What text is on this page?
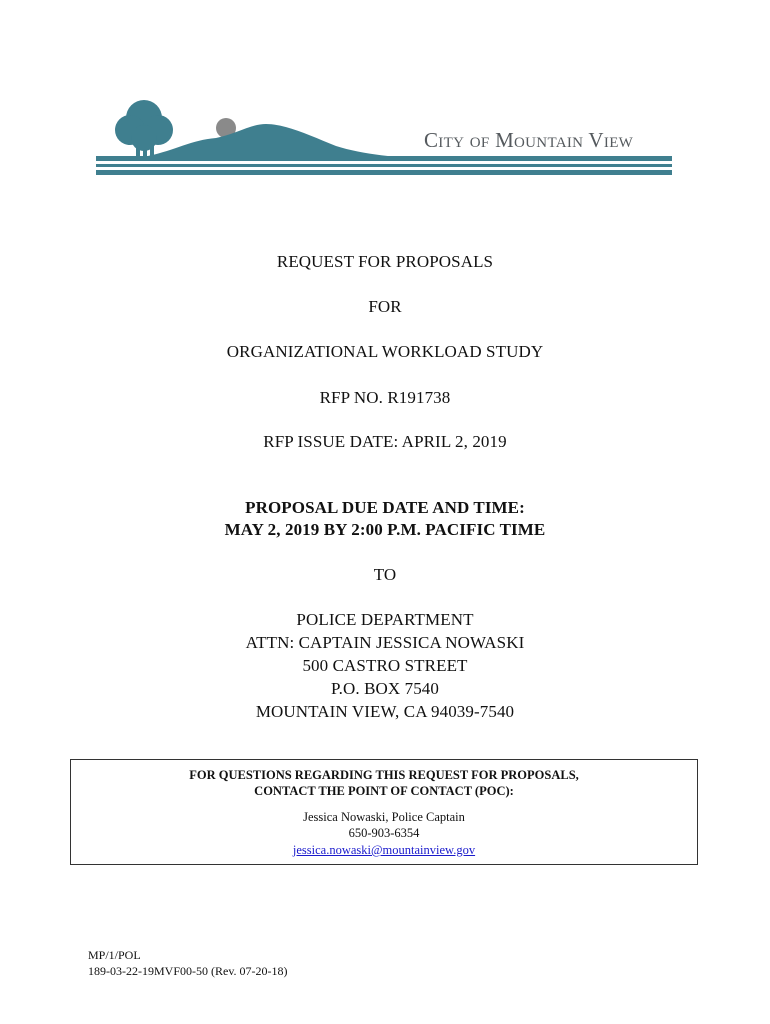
City of Mountain View
REQUEST FOR PROPOSALS
FOR
ORGANIZATIONAL WORKLOAD STUDY
RFP NO. R191738
RFP ISSUE DATE: APRIL 2, 2019
PROPOSAL DUE DATE AND TIME:
MAY 2, 2019 BY 2:00 P.M. PACIFIC TIME
TO
POLICE DEPARTMENT
ATTN: CAPTAIN JESSICA NOWASKI
500 CASTRO STREET
P.O. BOX 7540
MOUNTAIN VIEW, CA 94039-7540
FOR QUESTIONS REGARDING THIS REQUEST FOR PROPOSALS,
CONTACT THE POINT OF CONTACT (POC):
Jessica Nowaski, Police Captain
650-903-6354
jessica.nowaski@mountainview.gov
MP/1/POL
189-03-22-19MVF00-50 (Rev. 07-20-18)
